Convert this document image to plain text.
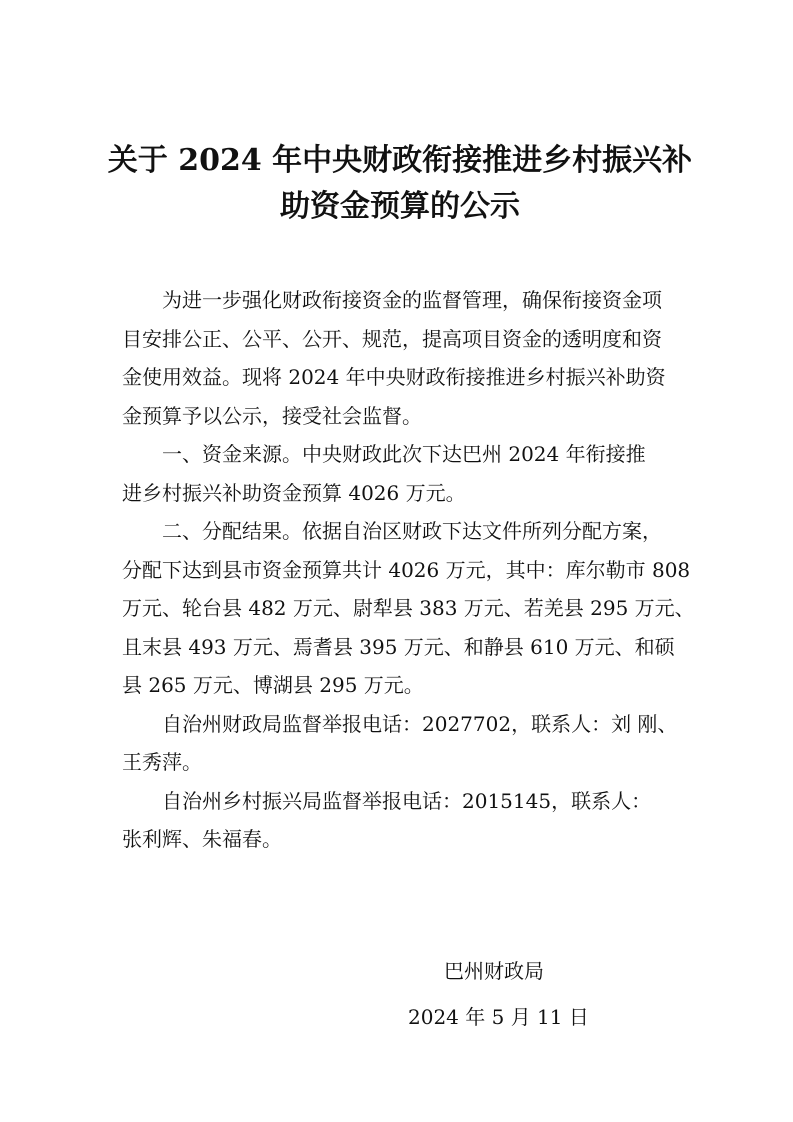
关于 2024 年中央财政衔接推进乡村振兴补
助资金预算的公示

为进一步强化财政衔接资金的监督管理，确保衔接资金项
目安排公正、公平、公开、规范，提高项目资金的透明度和资
金使用效益。现将 2024 年中央财政衔接推进乡村振兴补助资
金预算予以公示，接受社会监督。

一、资金来源。中央财政此次下达巴州 2024 年衔接推
进乡村振兴补助资金预算 4026 万元。

二、分配结果。依据自治区财政下达文件所列分配方案，
分配下达到县市资金预算共计 4026 万元，其中：库尔勒市 808
万元、轮台县 482 万元、尉犁县 383 万元、若羌县 295 万元、
且末县 493 万元、焉耆县 395 万元、和静县 610 万元、和硕
县 265 万元、博湖县 295 万元。

自治州财政局监督举报电话：2027702，联系人：刘 刚、
王秀萍。

自治州乡村振兴局监督举报电话：2015145，联系人：
张利辉、朱福春。

巴州财政局
2024 年 5 月 11 日
